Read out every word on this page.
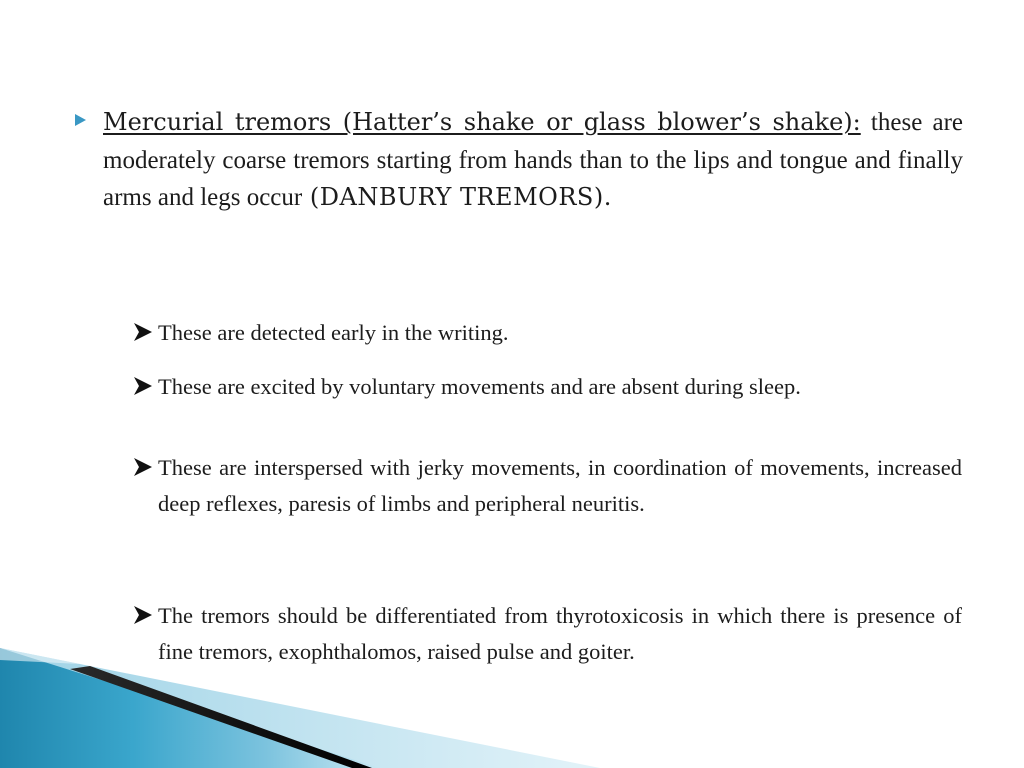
Mercurial tremors (Hatter’s shake or glass blower’s shake): these are moderately coarse tremors starting from hands than to the lips and tongue and finally arms and legs occur (DANBURY TREMORS).
These are detected early in the writing.
These are excited by voluntary movements and are absent during sleep.
These are interspersed with jerky movements, in coordination of movements, increased deep reflexes, paresis of limbs and peripheral neuritis.
The tremors should be differentiated from thyrotoxicosis in which there is presence of fine tremors, exophthalomos, raised pulse and goiter.
